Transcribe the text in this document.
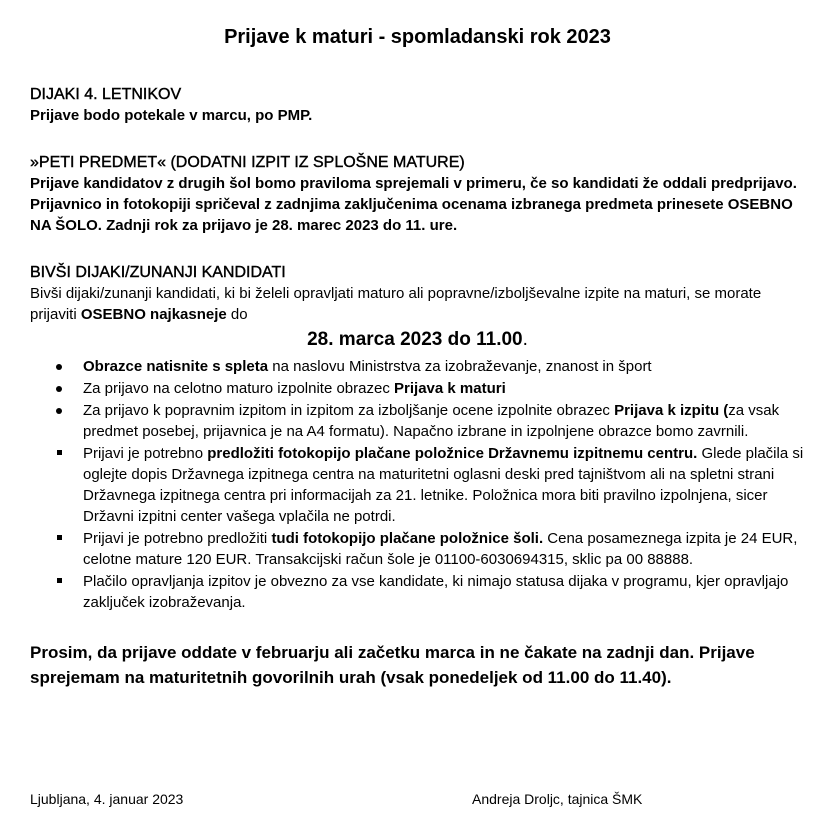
Prijave k maturi - spomladanski rok 2023

DIJAKI 4. LETNIKOV

Prijave bodo potekale v marcu, po PMP.

»PETI PREDMET« (DODATNI IZPIT IZ SPLOŠNE MATURE)

Prijave kandidatov z drugih šol bomo praviloma sprejemali v primeru, če so kandidati že oddali predprijavo. Prijavnico in fotokopiji spričeval z zadnjima zaključenima ocenama izbranega predmeta prinesete OSEBNO NA ŠOLO. Zadnji rok za prijavo je 28. marec 2023 do 11. ure.

BIVŠI DIJAKI/ZUNANJI KANDIDATI

Bivši dijaki/zunanji kandidati, ki bi želeli opravljati maturo ali popravne/izboljševalne izpite na maturi, se morate prijaviti OSEBNO najkasneje do

28. marca 2023 do 11.00.

Obrazce natisnite s spleta na naslovu Ministrstva za izobraževanje, znanost in šport
Za prijavo na celotno maturo izpolnite obrazec Prijava k maturi
Za prijavo k popravnim izpitom in izpitom za izboljšanje ocene izpolnite obrazec Prijava k izpitu (za vsak predmet posebej, prijavnica je na A4 formatu). Napačno izbrane in izpolnjene obrazce bomo zavrnili.
Prijavi je potrebno predložiti fotokopijo plačane položnice Državnemu izpitnemu centru. Glede plačila si oglejte dopis Državnega izpitnega centra na maturitetni oglasni deski pred tajništvom ali na spletni strani Državnega izpitnega centra pri informacijah za 21. letnike. Položnica mora biti pravilno izpolnjena, sicer Državni izpitni center vašega vplačila ne potrdi.
Prijavi je potrebno predložiti tudi fotokopijo plačane položnice šoli. Cena posameznega izpita je 24 EUR, celotne mature 120 EUR. Transakcijski račun šole je 01100-6030694315, sklic pa 00 88888.
Plačilo opravljanja izpitov je obvezno za vse kandidate, ki nimajo statusa dijaka v programu, kjer opravljajo zaključek izobraževanja.

Prosim, da prijave oddate v februarju ali začetku marca in ne čakate na zadnji dan. Prijave sprejemam na maturitetnih govorilnih urah (vsak ponedeljek od 11.00 do 11.40).

Ljubljana, 4. januar 2023	Andreja Droljc, tajnica ŠMK
